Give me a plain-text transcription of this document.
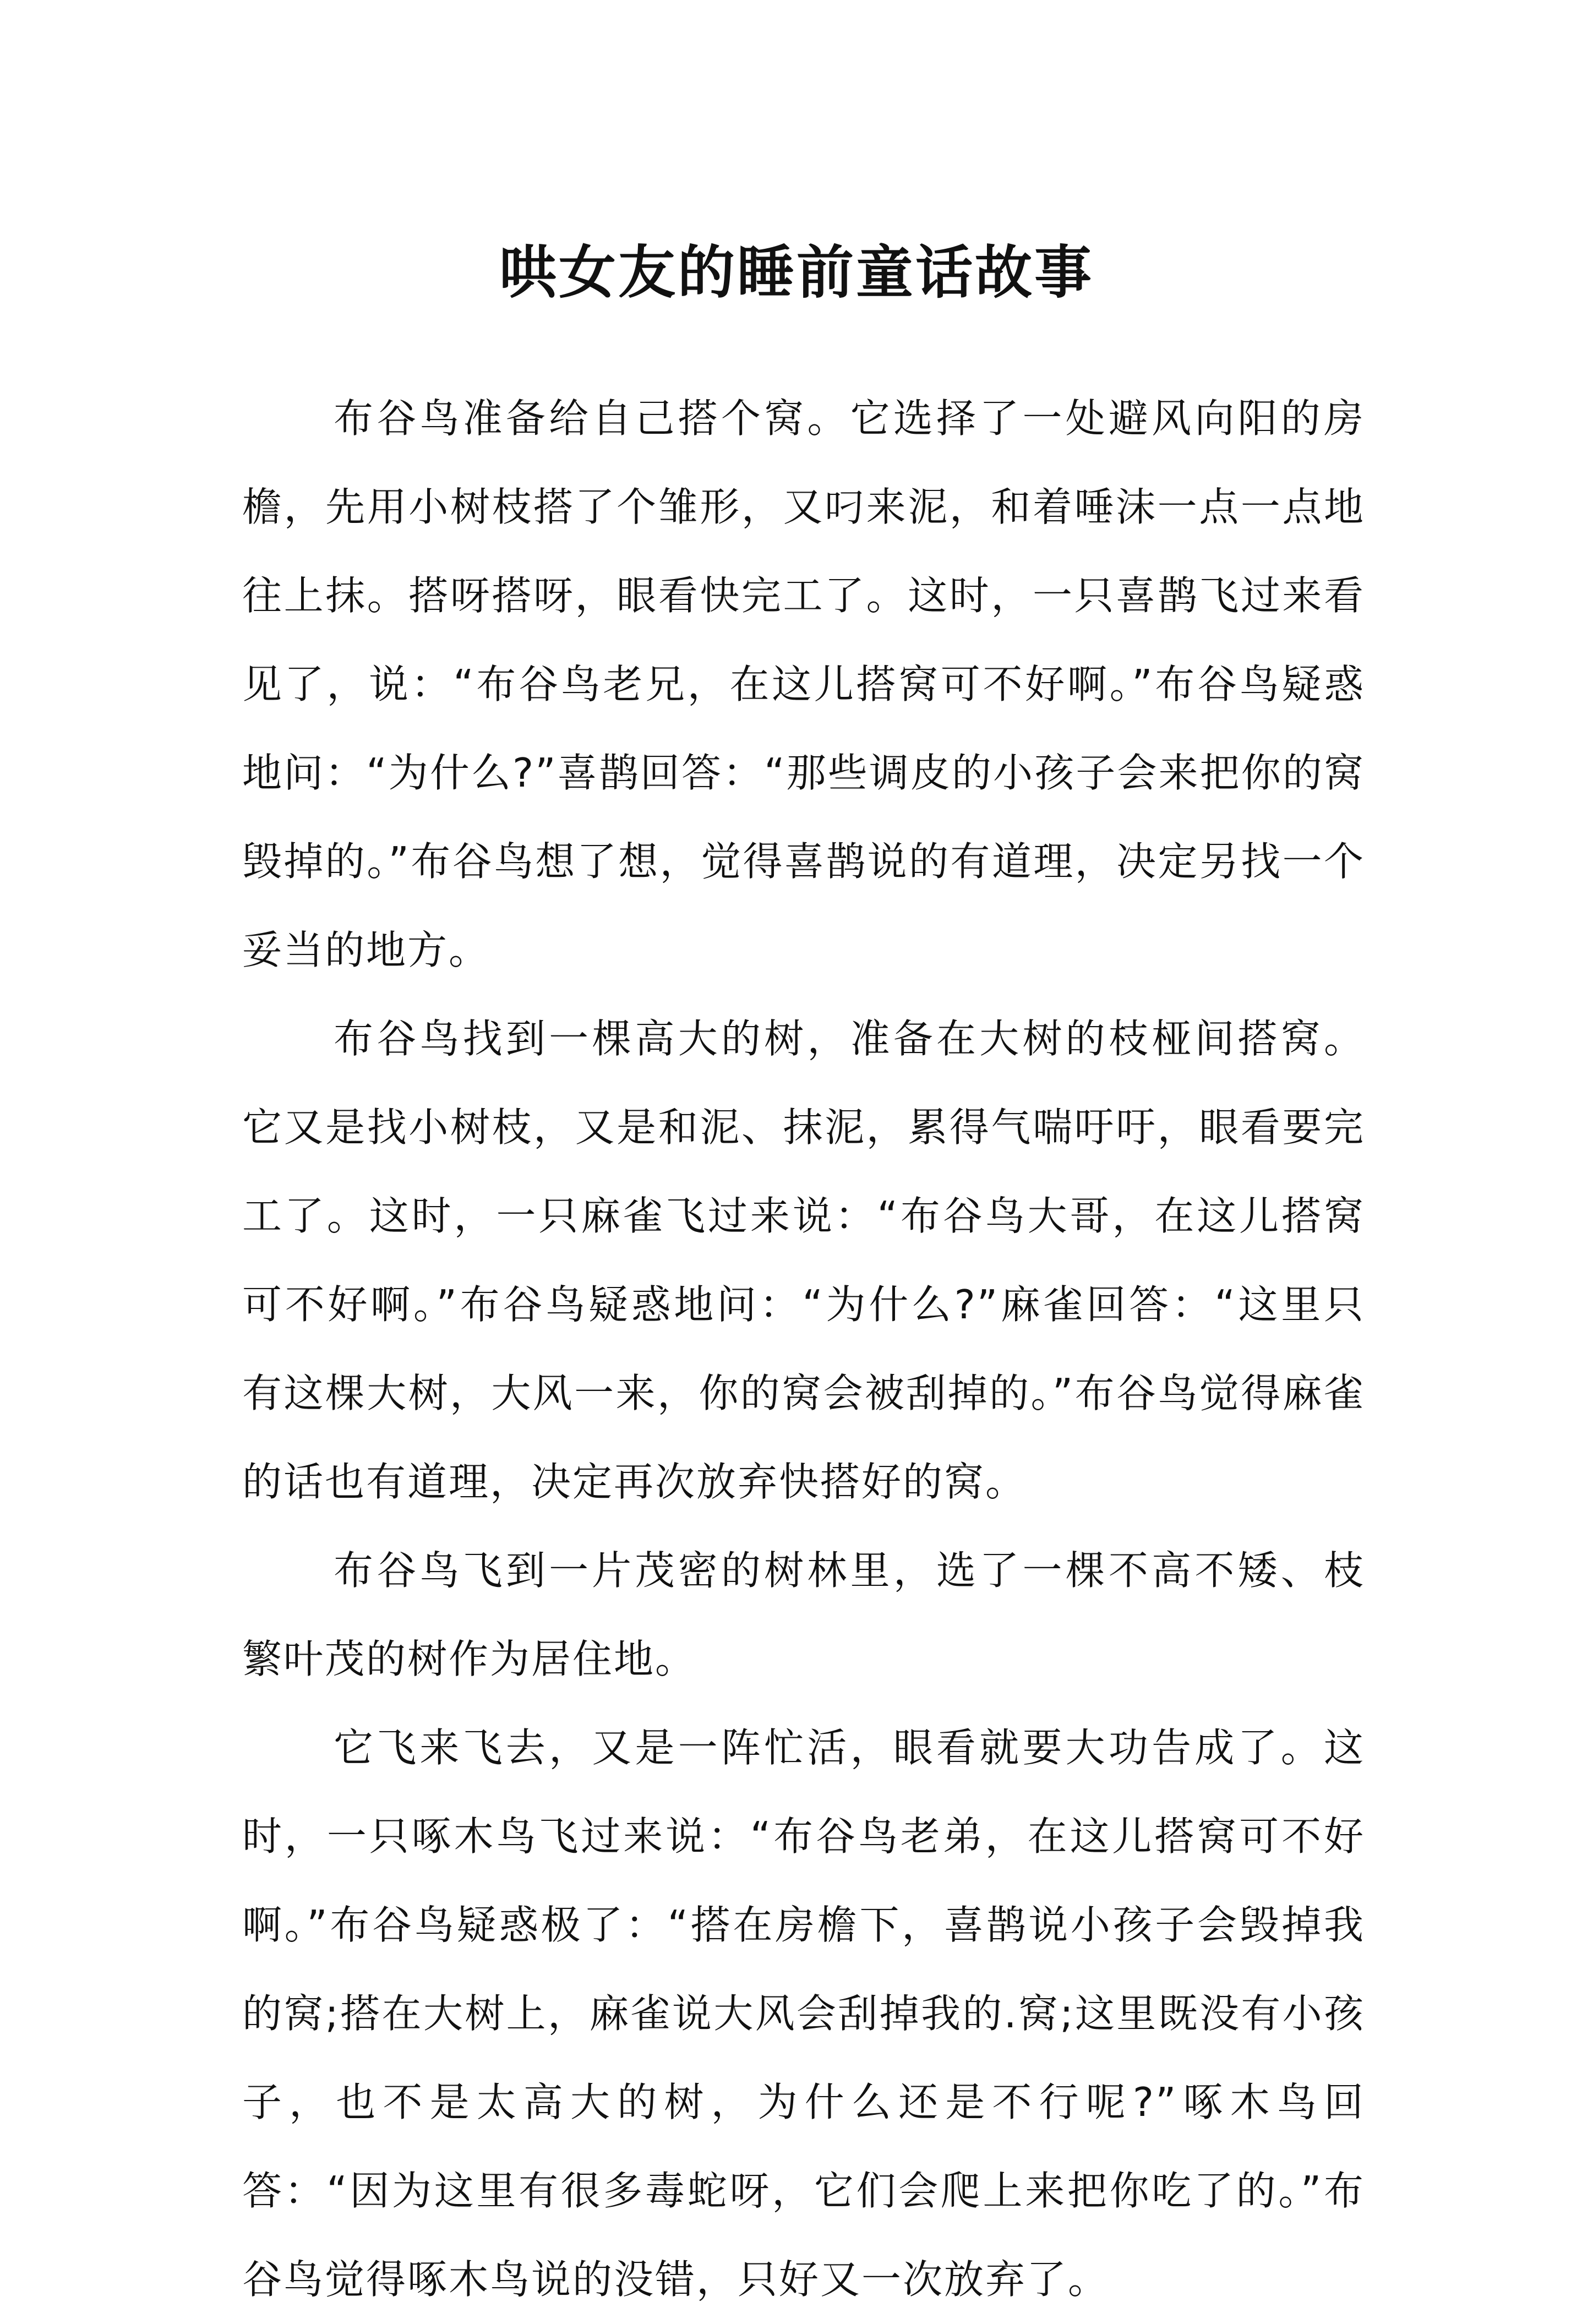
哄女友的睡前童话故事

布谷鸟准备给自己搭个窝。它选择了一处避风向阳的房檐，先用小树枝搭了个雏形，又叼来泥，和着唾沫一点一点地往上抹。搭呀搭呀，眼看快完工了。这时，一只喜鹊飞过来看见了，说：“布谷鸟老兄，在这儿搭窝可不好啊。”布谷鸟疑惑地问：“为什么?”喜鹊回答：“那些调皮的小孩子会来把你的窝毁掉的。”布谷鸟想了想，觉得喜鹊说的有道理，决定另找一个妥当的地方。

布谷鸟找到一棵高大的树，准备在大树的枝桠间搭窝。它又是找小树枝，又是和泥、抹泥，累得气喘吁吁，眼看要完工了。这时，一只麻雀飞过来说：“布谷鸟大哥，在这儿搭窝可不好啊。”布谷鸟疑惑地问：“为什么?”麻雀回答：“这里只有这棵大树，大风一来，你的窝会被刮掉的。”布谷鸟觉得麻雀的话也有道理，决定再次放弃快搭好的窝。

布谷鸟飞到一片茂密的树林里，选了一棵不高不矮、枝繁叶茂的树作为居住地。

它飞来飞去，又是一阵忙活，眼看就要大功告成了。这时，一只啄木鸟飞过来说：“布谷鸟老弟，在这儿搭窝可不好啊。”布谷鸟疑惑极了：“搭在房檐下，喜鹊说小孩子会毁掉我的窝;搭在大树上，麻雀说大风会刮掉我的.窝;这里既没有小孩子，也不是太高大的树，为什么还是不行呢?”啄木鸟回答：“因为这里有很多毒蛇呀，它们会爬上来把你吃了的。”布谷鸟觉得啄木鸟说的没错，只好又一次放弃了。
